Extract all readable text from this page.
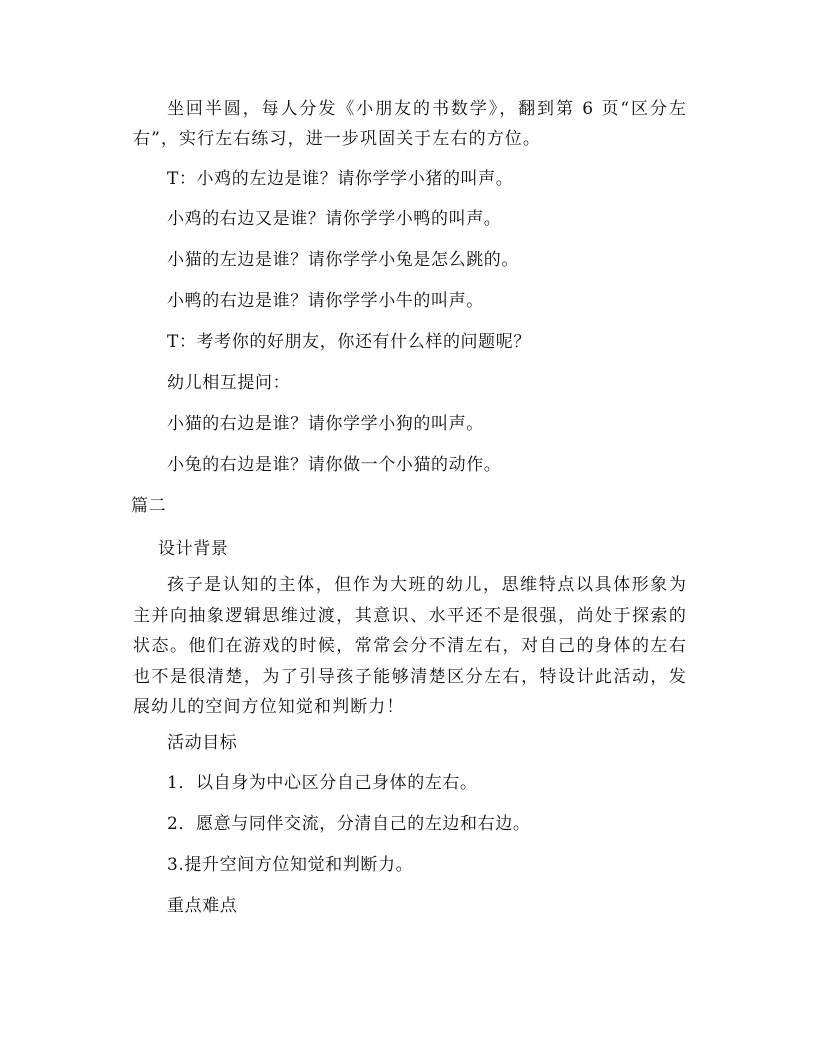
坐回半圆，每人分发《小朋友的书数学》，翻到第 6 页“区分左右”，实行左右练习，进一步巩固关于左右的方位。
T：小鸡的左边是谁？请你学学小猪的叫声。
小鸡的右边又是谁？请你学学小鸭的叫声。
小猫的左边是谁？请你学学小兔是怎么跳的。
小鸭的右边是谁？请你学学小牛的叫声。
T：考考你的好朋友，你还有什么样的问题呢？
幼儿相互提问：
小猫的右边是谁？请你学学小狗的叫声。
小兔的右边是谁？请你做一个小猫的动作。
篇二
设计背景
孩子是认知的主体，但作为大班的幼儿，思维特点以具体形象为主并向抽象逻辑思维过渡，其意识、水平还不是很强，尚处于探索的状态。他们在游戏的时候，常常会分不清左右，对自己的身体的左右也不是很清楚，为了引导孩子能够清楚区分左右，特设计此活动，发展幼儿的空间方位知觉和判断力！
活动目标
1．以自身为中心区分自己身体的左右。
2．愿意与同伴交流，分清自己的左边和右边。
3.提升空间方位知觉和判断力。
重点难点
